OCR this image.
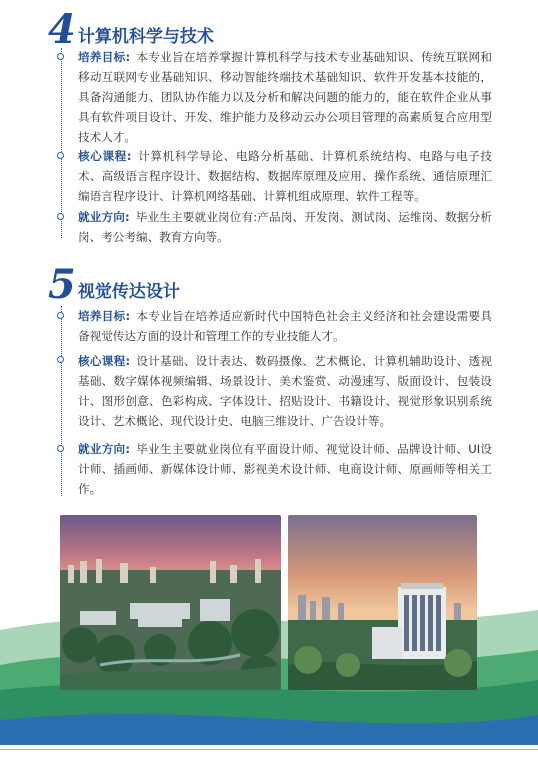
4 计算机科学与技术
培养目标: 本专业旨在培养掌握计算机科学与技术专业基础知识、传统互联网和移动互联网专业基础知识、移动智能终端技术基础知识、软件开发基本技能的，具备沟通能力、团队协作能力以及分析和解决问题的能力的，能在软件企业从事具有软件项目设计、开发、维护能力及移动云办公项目管理的高素质复合应用型技术人才。
核心课程: 计算机科学导论、电路分析基础、计算机系统结构、电路与电子技术、高级语言程序设计、数据结构、数据库原理及应用、操作系统、通信原理汇编语言程序设计、计算机网络基础、计算机组成原理、软件工程等。
就业方向: 毕业生主要就业岗位有:产品岗、开发岗、测试岗、运维岗、数据分析岗、考公考编、教育方向等。
5 视觉传达设计
培养目标: 本专业旨在培养适应新时代中国特色社会主义经济和社会建设需要具备视觉传达方面的设计和管理工作的专业技能人才。
核心课程: 设计基础、设计表达、数码摄像、艺术概论、计算机辅助设计、透视基础、数字媒体视频编辑、场景设计、美术鉴赏、动漫速写、版面设计、包装设计、图形创意、色彩构成、字体设计、招贴设计、书籍设计、视觉形象识别系统设计、艺术概论、现代设计史、电脑三维设计、广告设计等。
就业方向: 毕业生主要就业岗位有平面设计师、视觉设计师、品牌设计师、UI设计师、插画师、新媒体设计师、影视美术设计师、电商设计师、原画师等相关工作。
